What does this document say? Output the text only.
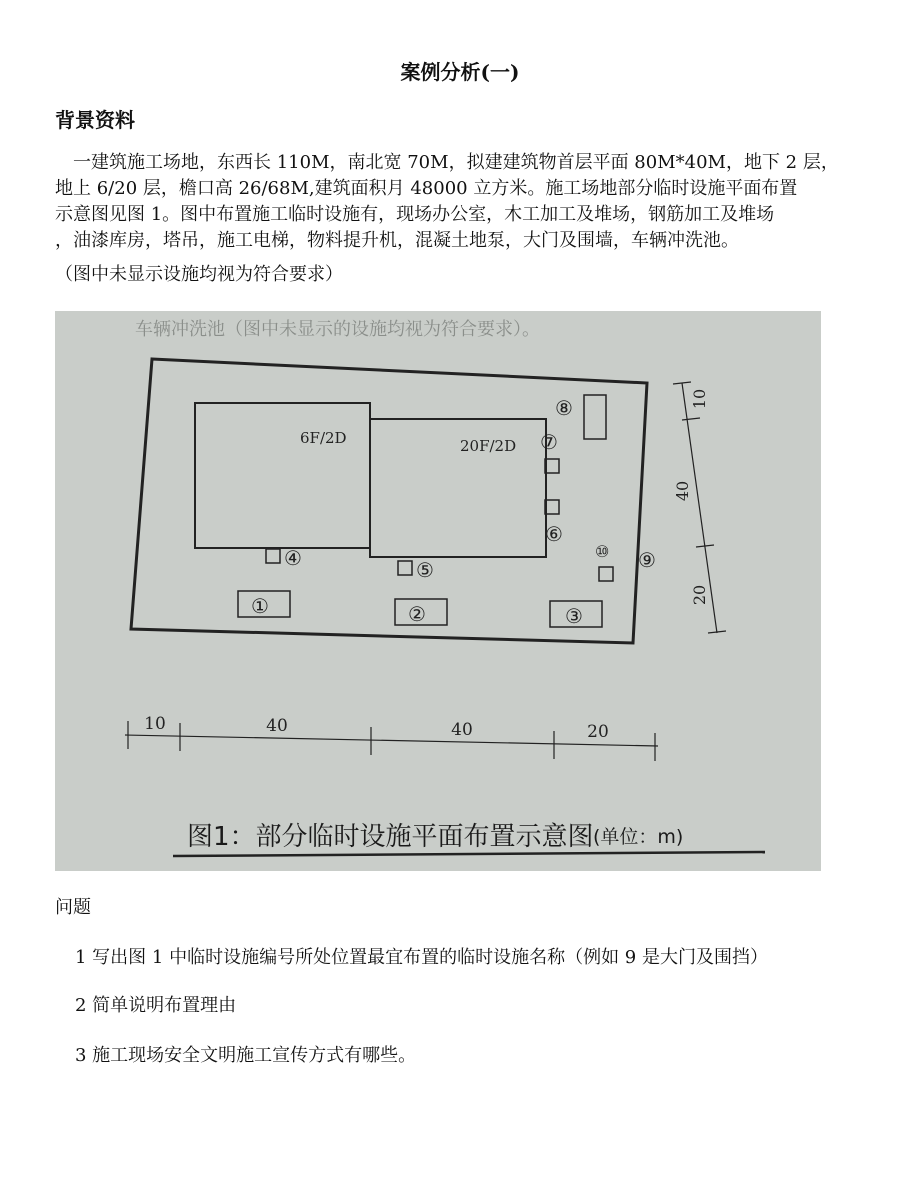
案例分析(一)
背景资料
一建筑施工场地，东西长 110M，南北宽 70M，拟建建筑物首层平面 80M*40M，地下 2 层，
地上 6/20 层，檐口高 26/68M,建筑面积月 48000 立方米。施工场地部分临时设施平面布置
示意图见图 1。图中布置施工临时设施有，现场办公室，木工加工及堆场，钢筋加工及堆场
，油漆库房，塔吊，施工电梯，物料提升机，混凝土地泵，大门及围墙，车辆冲洗池。
（图中未显示设施均视为符合要求）
车辆冲洗池（图中未显示的设施均视为符合要求）。
6F/2D	20F/2D
①	②	③
④	⑤
⑥
⑦
⑧
⑨
⑩
10
40
20
10	40	40	20
图1：部分临时设施平面布置示意图 (单位：m)
问题
1 写出图 1 中临时设施编号所处位置最宜布置的临时设施名称（例如 9 是大门及围挡）
2 简单说明布置理由
3 施工现场安全文明施工宣传方式有哪些。
